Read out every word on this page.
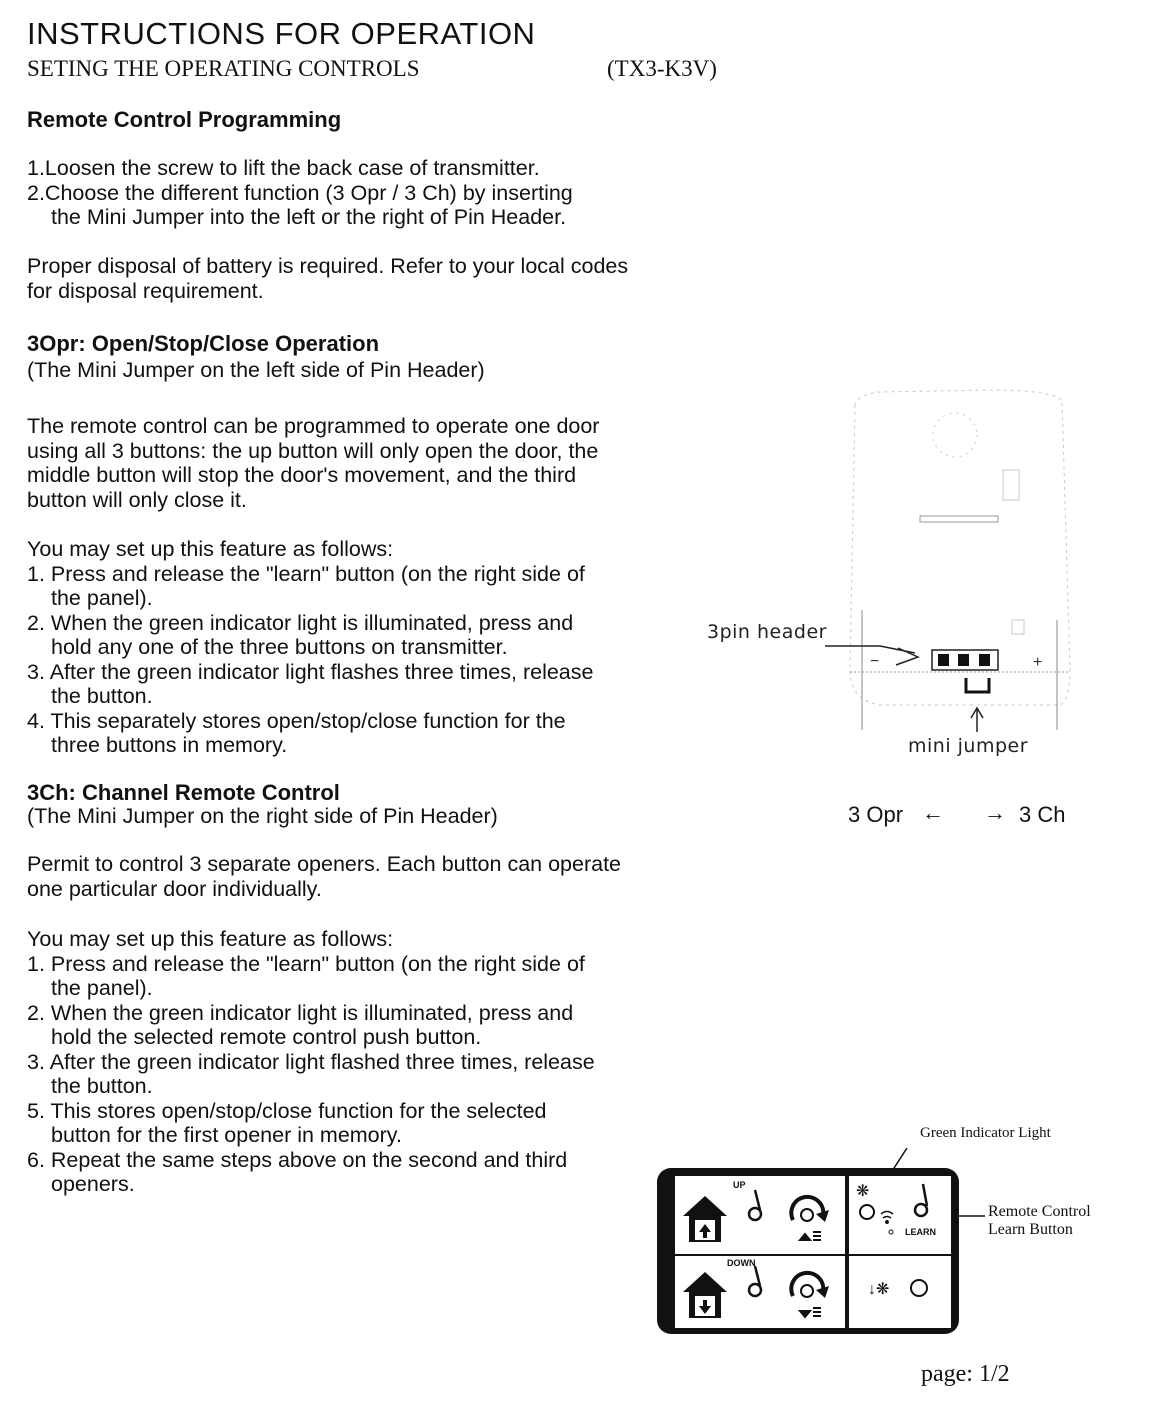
INSTRUCTIONS FOR OPERATION
SETING THE OPERATING CONTROLS	(TX3-K3V)
Remote Control Programming
1.Loosen the screw to lift the back case of transmitter.
2.Choose the different function (3 Opr / 3 Ch) by inserting
the Mini Jumper into the left or the right of Pin Header.
Proper disposal of battery is required. Refer to your local codes
for disposal requirement.
3Opr: Open/Stop/Close Operation
(The Mini Jumper on the left side of Pin Header)
The remote control can be programmed to operate one door
using all 3 buttons: the up button will only open the door, the
middle button will stop the door's movement, and the third
button will only close it.
You may set up this feature as follows:
1. Press and release the "learn" button (on the right side of
the panel).
2. When the green indicator light is illuminated, press and
hold any one of the three buttons on transmitter.
3. After the green indicator light flashes three times, release
the button.
4. This separately stores open/stop/close function for the
three buttons in memory.
3Ch: Channel Remote Control
(The Mini Jumper on the right side of Pin Header)
Permit to control 3 separate openers. Each button can operate
one particular door individually.
You may set up this feature as follows:
1. Press and release the "learn" button (on the right side of
the panel).
2. When the green indicator light is illuminated, press and
hold the selected remote control push button.
3. After the green indicator light flashed three times, release
the button.
5. This stores open/stop/close function for the selected
button for the first opener in memory.
6. Repeat the same steps above on the second and third
openers.
3pin header
−	+
mini jumper
3 Opr ← → 3 Ch
Green Indicator Light
Remote Control
Learn Button
UP
DOWN
❋
LEARN
↓❋
page: 1/2
